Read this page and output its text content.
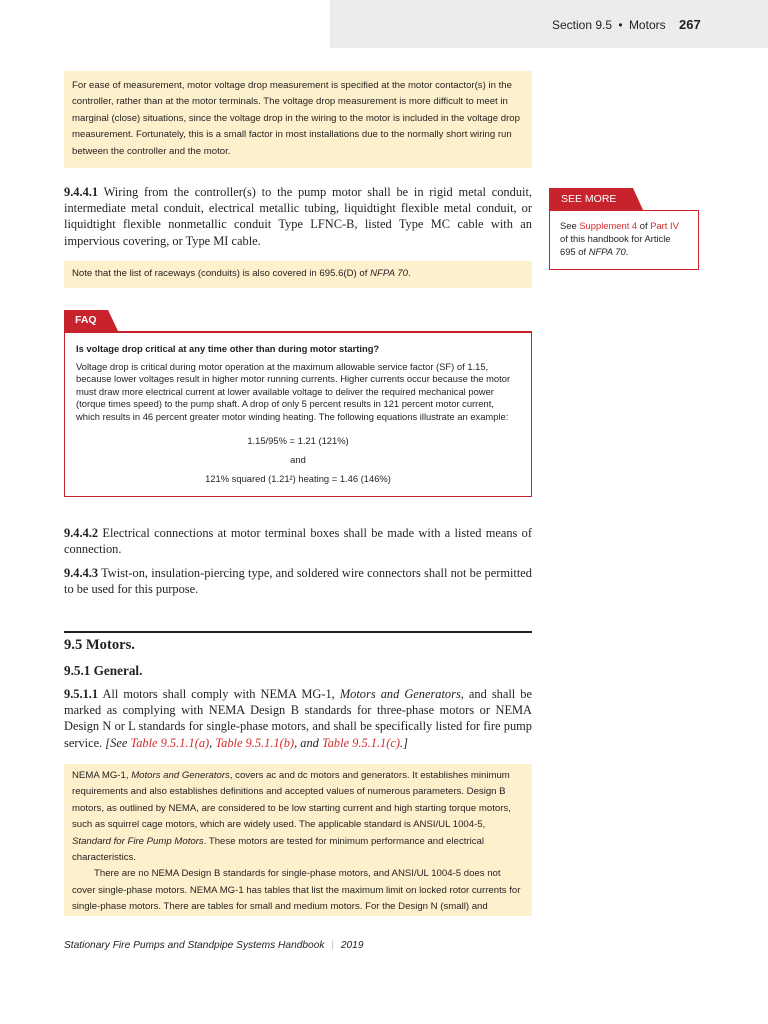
Section 9.5 • Motors 267

For ease of measurement, motor voltage drop measurement is specified at the motor contactor(s) in the controller, rather than at the motor terminals. The voltage drop measurement is more difficult to meet in marginal (close) situations, since the voltage drop in the wiring to the motor is included in the voltage drop measurement. Fortunately, this is a small factor in most installations due to the normally short wiring run between the controller and the motor.

9.4.4.1 Wiring from the controller(s) to the pump motor shall be in rigid metal conduit, intermediate metal conduit, electrical metallic tubing, liquidtight flexible metal conduit, or liquidtight flexible nonmetallic conduit Type LFNC-B, listed Type MC cable with an impervious covering, or Type MI cable.
SEE MORE
See Supplement 4 of Part IV of this handbook for Article 695 of NFPA 70.
Note that the list of raceways (conduits) is also covered in 695.6(D) of NFPA 70.
FAQ
Is voltage drop critical at any time other than during motor starting?
Voltage drop is critical during motor operation at the maximum allowable service factor (SF) of 1.15, because lower voltages result in higher motor running currents. Higher currents occur because the motor must draw more electrical current at lower available voltage to deliver the required mechanical power (torque times speed) to the pump shaft. A drop of only 5 percent results in 121 percent motor current, which results in 46 percent greater motor winding heating. The following equations illustrate an example:
1.15/95% = 1.21 (121%)
and
121% squared (1.21²) heating = 1.46 (146%)
9.4.4.2 Electrical connections at motor terminal boxes shall be made with a listed means of connection.
9.4.4.3 Twist-on, insulation-piercing type, and soldered wire connectors shall not be permitted to be used for this purpose.
9.5 Motors.
9.5.1 General.
9.5.1.1 All motors shall comply with NEMA MG-1, Motors and Generators, and shall be marked as complying with NEMA Design B standards for three-phase motors or NEMA Design N or L standards for single-phase motors, and shall be specifically listed for fire pump service. [See Table 9.5.1.1(a), Table 9.5.1.1(b), and Table 9.5.1.1(c).]

NEMA MG-1, Motors and Generators, covers ac and dc motors and generators. It establishes minimum requirements and also establishes definitions and accepted values of numerous parameters. Design B motors, as outlined by NEMA, are considered to be low starting current and high starting torque motors, such as squirrel cage motors, which are widely used. The applicable standard is ANSI/UL 1004-5, Standard for Fire Pump Motors. These motors are tested for minimum performance and electrical characteristics.

There are no NEMA Design B standards for single-phase motors, and ANSI/UL 1004-5 does not cover single-phase motors. NEMA MG-1 has tables that list the maximum limit on locked rotor currents for single-phase motors. There are tables for small and medium motors. For the Design N (small) and

Stationary Fire Pumps and Standpipe Systems Handbook | 2019
